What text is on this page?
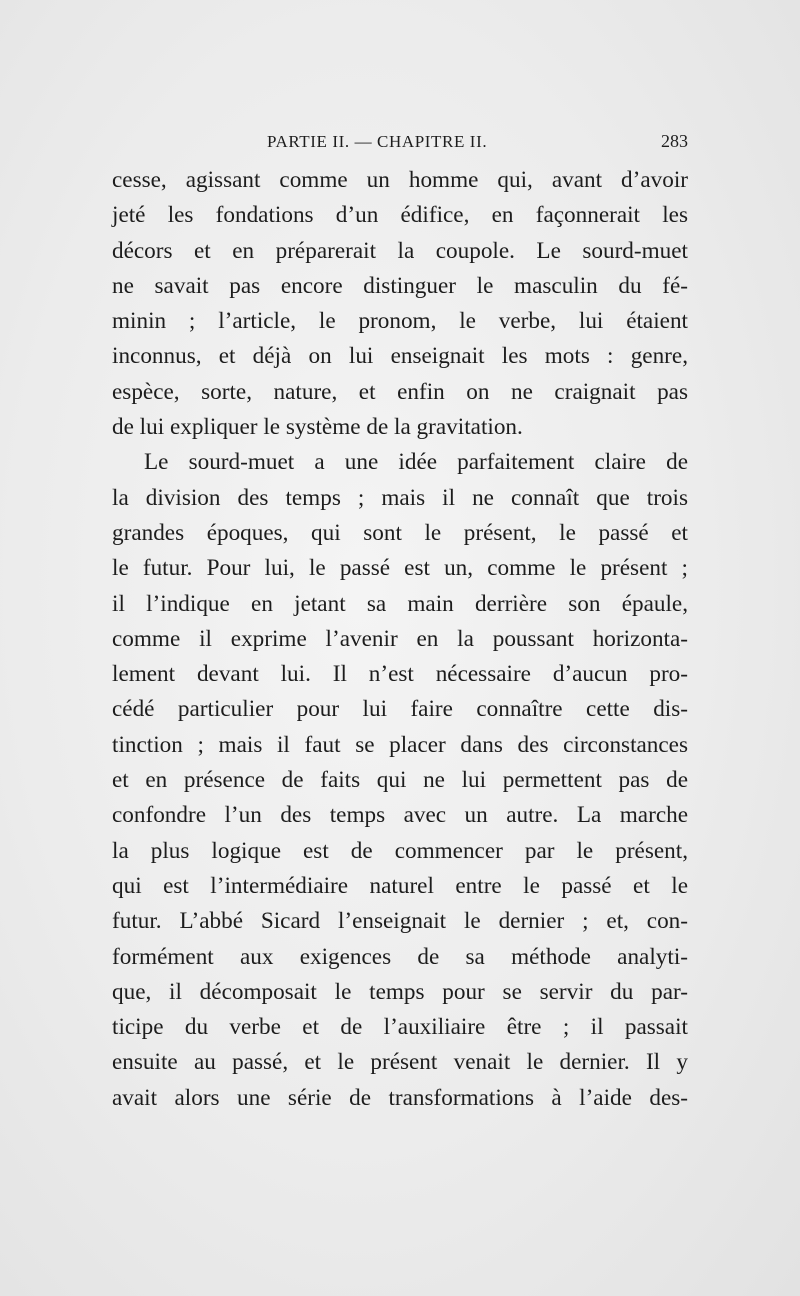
PARTIE II. — CHAPITRE II.	283
cesse, agissant comme un homme qui, avant d’avoir
jeté les fondations d’un édifice, en façonnerait les
décors et en préparerait la coupole. Le sourd-muet
ne savait pas encore distinguer le masculin du fé-
minin ; l’article, le pronom, le verbe, lui étaient
inconnus, et déjà on lui enseignait les mots : genre,
espèce, sorte, nature, et enfin on ne craignait pas
de lui expliquer le système de la gravitation.
Le sourd-muet a une idée parfaitement claire de
la division des temps ; mais il ne connaît que trois
grandes époques, qui sont le présent, le passé et
le futur. Pour lui, le passé est un, comme le présent ;
il l’indique en jetant sa main derrière son épaule,
comme il exprime l’avenir en la poussant horizonta-
lement devant lui. Il n’est nécessaire d’aucun pro-
cédé particulier pour lui faire connaître cette dis-
tinction ; mais il faut se placer dans des circonstances
et en présence de faits qui ne lui permettent pas de
confondre l’un des temps avec un autre. La marche
la plus logique est de commencer par le présent,
qui est l’intermédiaire naturel entre le passé et le
futur. L’abbé Sicard l’enseignait le dernier ; et, con-
formément aux exigences de sa méthode analyti-
que, il décomposait le temps pour se servir du par-
ticipe du verbe et de l’auxiliaire être ; il passait
ensuite au passé, et le présent venait le dernier. Il y
avait alors une série de transformations à l’aide des-
